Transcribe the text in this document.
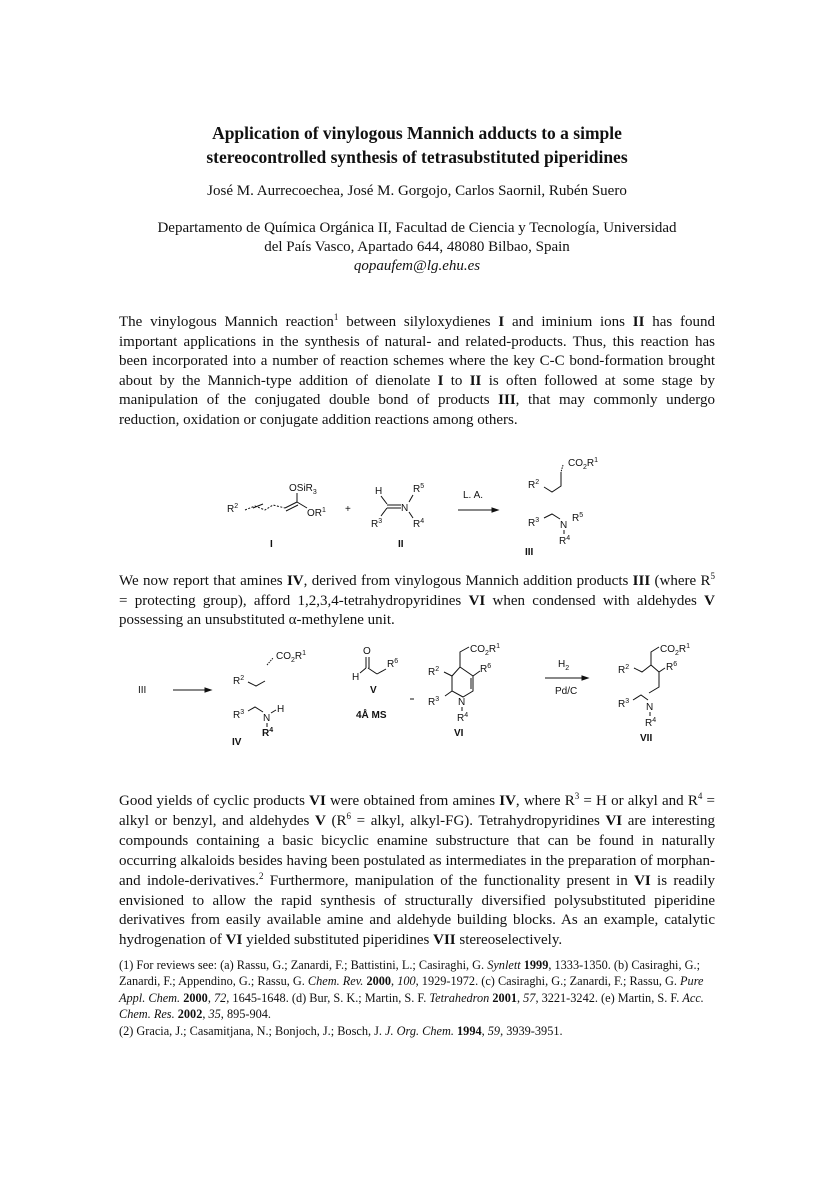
Application of vinylogous Mannich adducts to a simple
stereocontrolled synthesis of tetrasubstituted piperidines
José M. Aurrecoechea, José M. Gorgojo, Carlos Saornil, Rubén Suero
Departamento de Química Orgánica II, Facultad de Ciencia y Tecnología, Universidad
del País Vasco, Apartado 644, 48080 Bilbao, Spain
qopaufem@lg.ehu.es
The vinylogous Mannich reaction$^1$ between silyloxydienes I and iminium ions II has found important applications in the synthesis of natural- and related-products. Thus, this reaction has been incorporated into a number of reaction schemes where the key C-C bond-formation brought about by the Mannich-type addition of dienolate I to II is often followed at some stage by manipulation of the conjugated double bond of products III, that may commonly undergo reduction, oxidation or conjugate addition reactions among others.
$R^2$
OSiR$_3$
$OR^1$
I
+
H
N
$R^5$
$R^3$	$R^4$
II
L. A.
$CO_2R^1$
$R^2$
$R^3$ N
$R^5$
$R^4$
III
We now report that amines IV, derived from vinylogous Mannich addition products III (where $R^5$ = protecting group), afford 1,2,3,4-tetrahydropyridines VI when condensed with aldehydes V possessing an unsubstituted α-methylene unit.
III
$CO_2R^1$
$R^2$
$R^3$
N
H
$R^4$
IV
O
H
$R^6$
V
4Å MS
$CO_2R^1$
$R^6$
$R^2$
$R^3$ N
$R^4$
VI
$H_2$
Pd/C
$CO_2R^1$
$R^2$	$R^6$
$R^3$
N
$R^4$
VII
Good yields of cyclic products VI were obtained from amines IV, where $R^3 = H$ or alkyl and $R^4$ = alkyl or benzyl, and aldehydes V ($R^6$ = alkyl, alkyl-FG). Tetrahydropyridines VI are interesting compounds containing a basic bicyclic enamine substructure that can be found in naturally occurring alkaloids besides having been postulated as intermediates in the preparation of morphan- and indole-derivatives.$^2$ Furthermore, manipulation of the functionality present in VI is readily envisioned to allow the rapid synthesis of structurally diversified polysubstituted piperidine derivatives from easily available amine and aldehyde building blocks. As an example, catalytic hydrogenation of VI yielded substituted piperidines VII stereoselectively.
(1) For reviews see: (a) Rassu, G.; Zanardi, F.; Battistini, L.; Casiraghi, G. Synlett 1999, 1333-1350. (b) Casiraghi, G.; Zanardi, F.; Appendino, G.; Rassu, G. Chem. Rev. 2000, 100, 1929-1972. (c) Casiraghi, G.; Zanardi, F.; Rassu, G. Pure Appl. Chem. 2000, 72, 1645-1648. (d) Bur, S. K.; Martin, S. F. Tetrahedron 2001, 57, 3221-3242. (e) Martin, S. F. Acc. Chem. Res. 2002, 35, 895-904.
(2) Gracia, J.; Casamitjana, N.; Bonjoch, J.; Bosch, J. J. Org. Chem. 1994, 59, 3939-3951.
